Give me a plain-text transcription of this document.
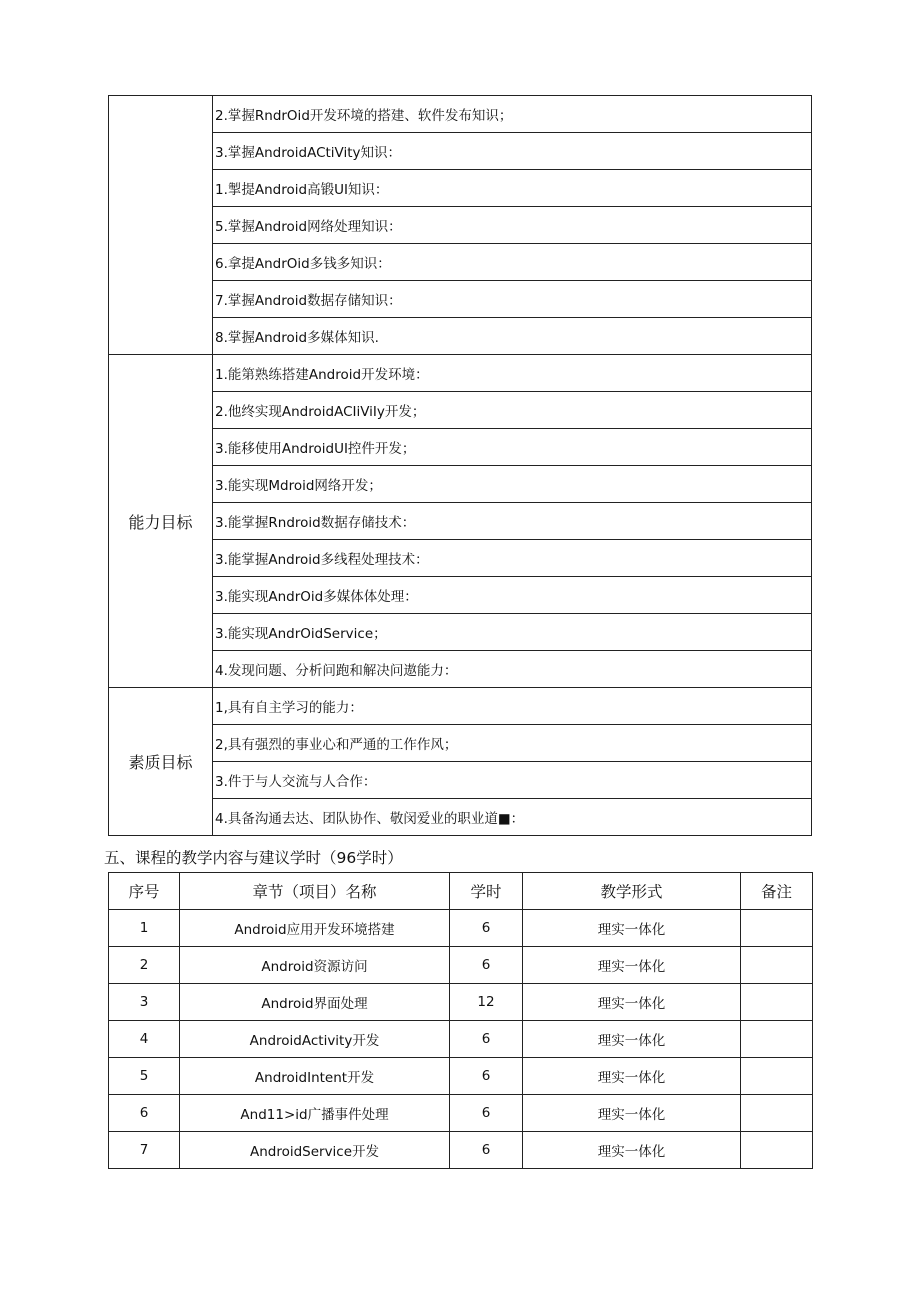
	2.掌握RndrOid开发环境的搭建、软件发布知识；
	3.掌握AndroidACtiVity知识：
	1.掣提Android高锻UI知识：
	5.掌握Android网络处理知识：
	6.拿提AndrOid多钱多知识：
	7.掌握Android数据存储知识：
	8.掌握Android多媒体知识.
能力目标	1.能第熟练搭建Android开发环境：
	2.他终实现AndroidACIiViIy开发；
	3.能移使用AndroidUI控件开发；
	3.能实现Mdroid网络开发；
	3.能掌握Rndroid数据存储技术：
	3.能掌握Android多线程处理技术：
	3.能实现AndrOid多媒体体处理：
	3.能实现AndrOidService；
	4.发现问题、分析问跑和解决问遨能力：
素质目标	1,具有自主学习的能力：
	2,具有强烈的事业心和严通的工作作风；
	3.件于与人交流与人合作：
	4.具备沟通去达、团队协作、敬闵爱业的职业道■：
五、课程的教学内容与建议学时（96学时）
序号	章节（项目）名称	学时	教学形式	备注
1	Android应用开发环境搭建	6	理实一体化	
2	Android资源访问	6	理实一体化	
3	Android界面处理	12	理实一体化	
4	AndroidActivity开发	6	理实一体化	
5	AndroidIntent开发	6	理实一体化	
6	And11>id广播事件处理	6	理实一体化	
7	AndroidService开发	6	理实一体化	
